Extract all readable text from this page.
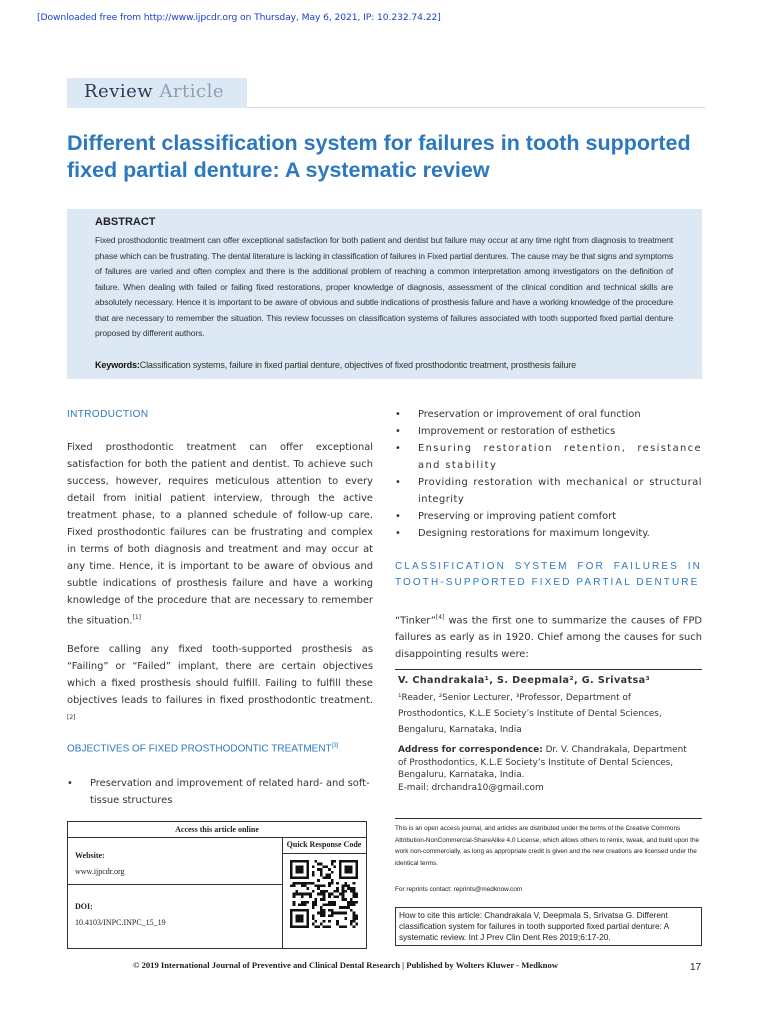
[Downloaded free from http://www.ijpcdr.org on Thursday, May 6, 2021, IP: 10.232.74.22]
Review Article
Different classification system for failures in tooth supported fixed partial denture: A systematic review
ABSTRACT
Fixed prosthodontic treatment can offer exceptional satisfaction for both patient and dentist but failure may occur at any time right from diagnosis to treatment phase which can be frustrating. The dental literature is lacking in classification of failures in Fixed partial dentures. The cause may be that signs and symptoms of failures are varied and often complex and there is the additional problem of reaching a common interpretation among investigators on the definition of failure. When dealing with failed or failing fixed restorations, proper knowledge of diagnosis, assessment of the clinical condition and technical skills are absolutely necessary. Hence it is important to be aware of obvious and subtle indications of prosthesis failure and have a working knowledge of the procedure that are necessary to remember the situation. This review focusses on classification systems of failures associated with tooth supported fixed partial denture proposed by different authors.
Keywords:Classification systems, failure in fixed partial denture, objectives of fixed prosthodontic treatment, prosthesis failure
INTRODUCTION
Fixed prosthodontic treatment can offer exceptional satisfaction for both the patient and dentist. To achieve such success, however, requires meticulous attention to every detail from initial patient interview, through the active treatment phase, to a planned schedule of follow-up care. Fixed prosthodontic failures can be frustrating and complex in terms of both diagnosis and treatment and may occur at any time. Hence, it is important to be aware of obvious and subtle indications of prosthesis failure and have a working knowledge of the procedure that are necessary to remember the situation.[1]
Before calling any fixed tooth-supported prosthesis as “Failing” or “Failed” implant, there are certain objectives which a fixed prosthesis should fulfill. Failing to fulfill these objectives leads to failures in fixed prosthodontic treatment.[2]
OBJECTIVES OF FIXED PROSTHODONTIC TREATMENT[3]
• Preservation and improvement of related hard- and soft-tissue structures
Access this article online
Quick Response Code
Website:
www.ijpcdr.org
DOI:
10.4103/INPC.INPC_15_19
• Preservation or improvement of oral function
• Improvement or restoration of esthetics
• Ensuring restoration retention, resistance and stability
• Providing restoration with mechanical or structural integrity
• Preserving or improving patient comfort
• Designing restorations for maximum longevity.
CLASSIFICATION SYSTEM FOR FAILURES IN TOOTH-SUPPORTED FIXED PARTIAL DENTURE
“Tinker”[4] was the first one to summarize the causes of FPD failures as early as in 1920. Chief among the causes for such disappointing results were:
V. Chandrakala¹, S. Deepmala², G. Srivatsa³
¹Reader, ²Senior Lecturer, ³Professor, Department of Prosthodontics, K.L.E Society’s Institute of Dental Sciences, Bengaluru, Karnataka, India
Address for correspondence: Dr. V. Chandrakala, Department of Prosthodontics, K.L.E Society’s Institute of Dental Sciences, Bengaluru, Karnataka, India.
E-mail: drchandra10@gmail.com
This is an open access journal, and articles are distributed under the terms of the Creative Commons Attribution-NonCommercial-ShareAlike 4.0 License, which allows others to remix, tweak, and build upon the work non-commercially, as long as appropriate credit is given and the new creations are licensed under the identical terms.
For reprints contact: reprints@medknow.com
How to cite this article: Chandrakala V, Deepmala S, Srivatsa G. Different classification system for failures in tooth supported fixed partial denture: A systematic review. Int J Prev Clin Dent Res 2019;6:17-20.
© 2019 International Journal of Preventive and Clinical Dental Research | Published by Wolters Kluwer - Medknow	17
